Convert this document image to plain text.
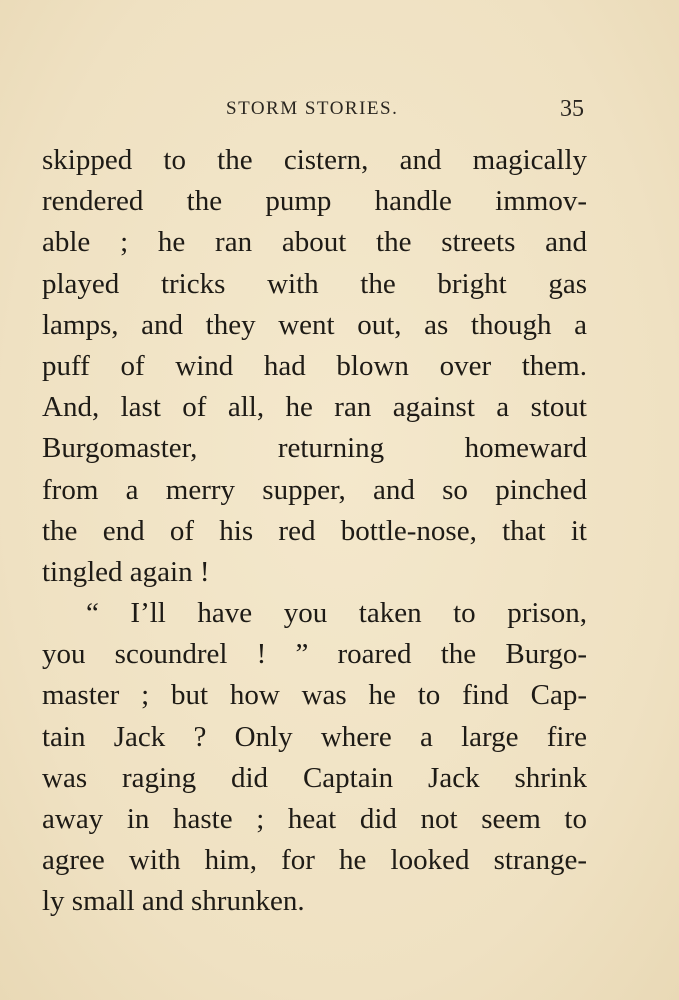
STORM STORIES.	35
skipped to the cistern, and magically
rendered the pump handle immov-
able ; he ran about the streets and
played tricks with the bright gas
lamps, and they went out, as though a
puff of wind had blown over them.
And, last of all, he ran against a stout
Burgomaster, returning homeward
from a merry supper, and so pinched
the end of his red bottle-nose, that it
tingled again !
“ I’ll have you taken to prison,
you scoundrel ! ” roared the Burgo-
master ; but how was he to find Cap-
tain Jack ? Only where a large fire
was raging did Captain Jack shrink
away in haste ; heat did not seem to
agree with him, for he looked strange-
ly small and shrunken.
